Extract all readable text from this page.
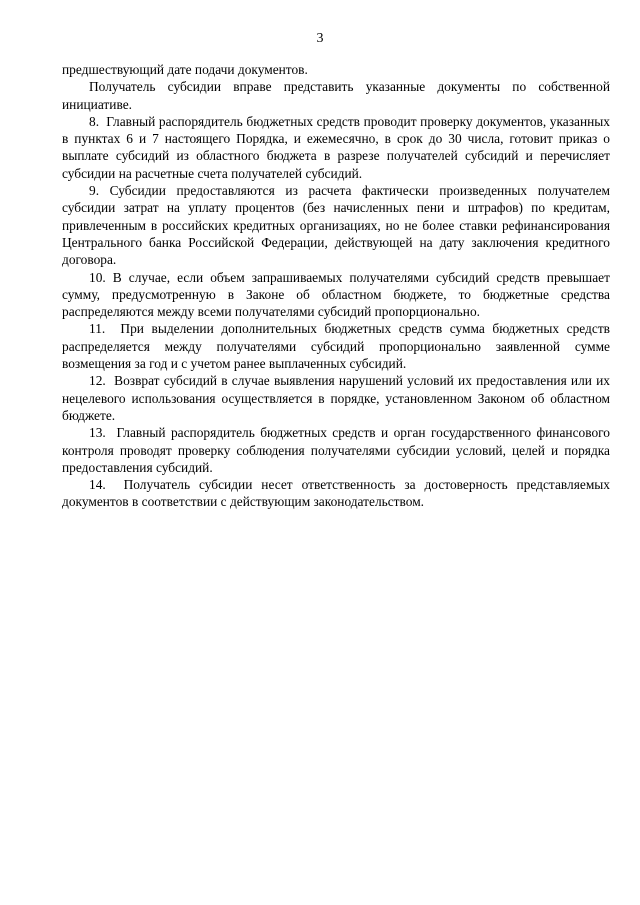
3

предшествующий дате подачи документов.

Получатель субсидии вправе представить указанные документы по собственной инициативе.

8. Главный распорядитель бюджетных средств проводит проверку документов, указанных в пунктах 6 и 7 настоящего Порядка, и ежемесячно, в срок до 30 числа, готовит приказ о выплате субсидий из областного бюджета в разрезе получателей субсидий и перечисляет субсидии на расчетные счета получателей субсидий.

9. Субсидии предоставляются из расчета фактически произведенных получателем субсидии затрат на уплату процентов (без начисленных пени и штрафов) по кредитам, привлеченным в российских кредитных организациях, но не более ставки рефинансирования Центрального банка Российской Федерации, действующей на дату заключения кредитного договора.

10. В случае, если объем запрашиваемых получателями субсидий средств превышает сумму, предусмотренную в Законе об областном бюджете, то бюджетные средства распределяются между всеми получателями субсидий пропорционально.

11. При выделении дополнительных бюджетных средств сумма бюджетных средств распределяется между получателями субсидий пропорционально заявленной сумме возмещения за год и с учетом ранее выплаченных субсидий.

12. Возврат субсидий в случае выявления нарушений условий их предоставления или их нецелевого использования осуществляется в порядке, установленном Законом об областном бюджете.

13. Главный распорядитель бюджетных средств и орган государственного финансового контроля проводят проверку соблюдения получателями субсидии условий, целей и порядка предоставления субсидий.

14. Получатель субсидии несет ответственность за достоверность представляемых документов в соответствии с действующим законодательством.
